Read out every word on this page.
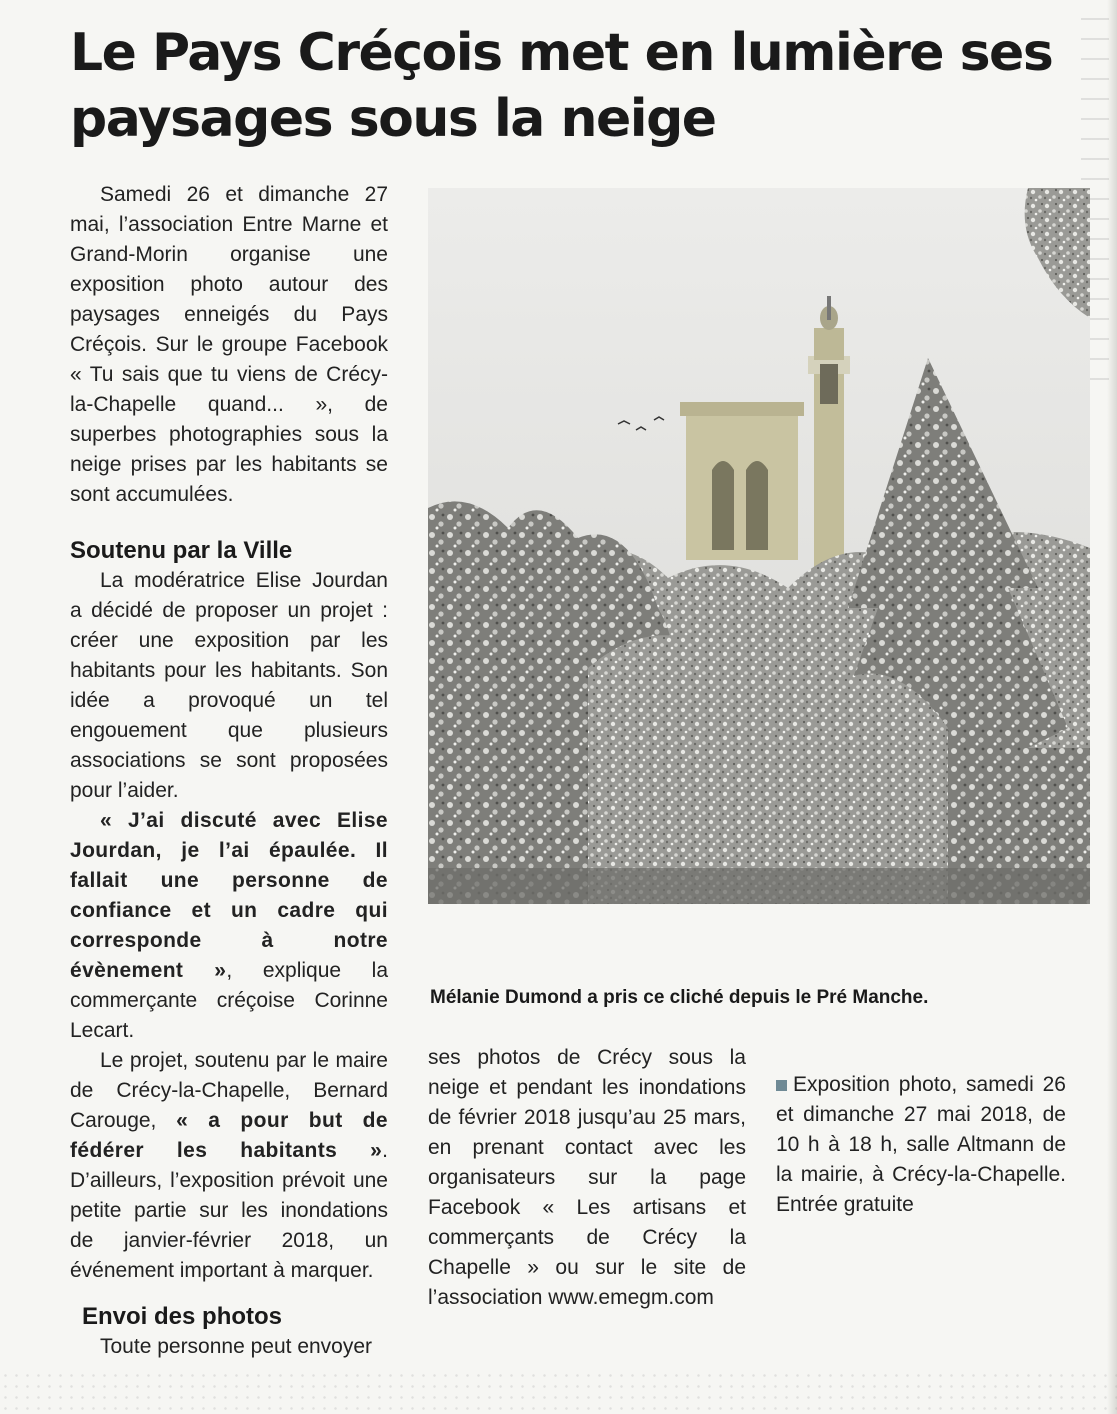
Le Pays Créçois met en lumière ses paysages sous la neige

Samedi 26 et dimanche 27 mai, l’association Entre Marne et Grand-Morin organise une exposition photo autour des paysages enneigés du Pays Créçois. Sur le groupe Facebook « Tu sais que tu viens de Crécy-la-Chapelle quand... », de superbes photographies sous la neige prises par les habitants se sont accumulées.

Soutenu par la Ville

La modératrice Elise Jourdan a décidé de proposer un projet : créer une exposition par les habitants pour les habitants. Son idée a provoqué un tel engouement que plusieurs associations se sont proposées pour l’aider.

« J’ai discuté avec Elise Jourdan, je l’ai épaulée. Il fallait une personne de confiance et un cadre qui corresponde à notre évènement », explique la commerçante créçoise Corinne Lecart.

Le projet, soutenu par le maire de Crécy-la-Chapelle, Bernard Carouge, « a pour but de fédérer les habitants ». D’ailleurs, l’exposition prévoit une petite partie sur les inondations de janvier-février 2018, un événement important à marquer.

Envoi des photos

Toute personne peut envoyer

Mélanie Dumond a pris ce cliché depuis le Pré Manche.

ses photos de Crécy sous la neige et pendant les inondations de février 2018 jusqu’au 25 mars, en prenant contact avec les organisateurs sur la page Facebook « Les artisans et commerçants de Crécy la Chapelle » ou sur le site de l’association www.emegm.com

Exposition photo, samedi 26 et dimanche 27 mai 2018, de 10 h à 18 h, salle Altmann de la mairie, à Crécy-la-Chapelle. Entrée gratuite
